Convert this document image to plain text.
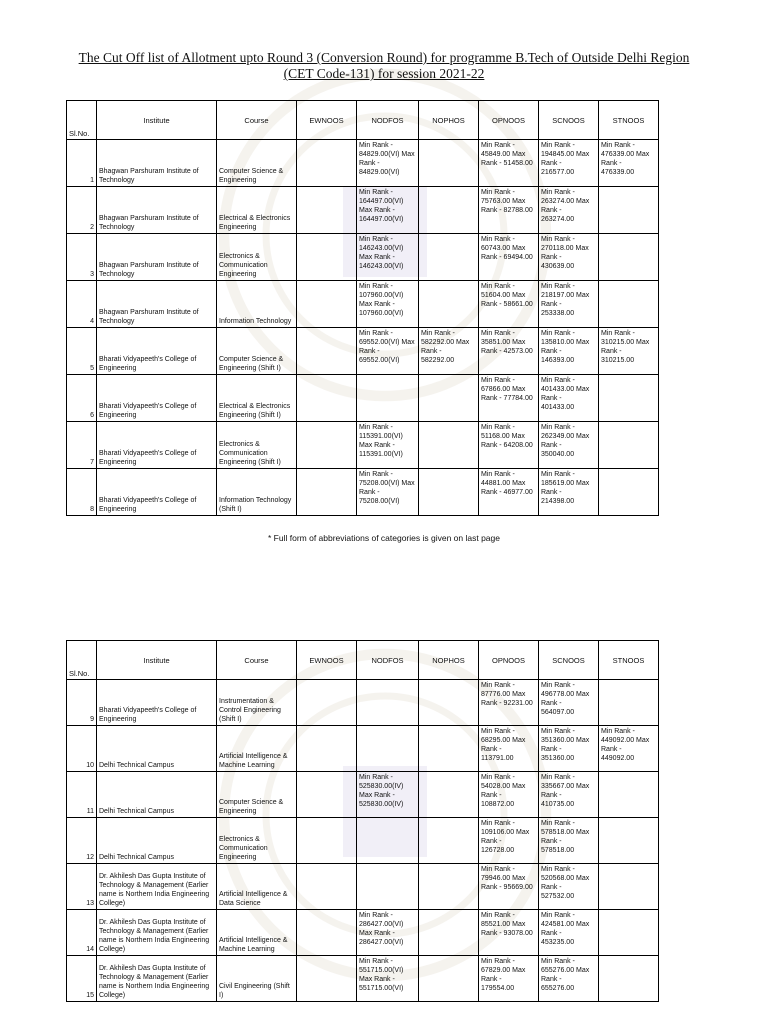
The Cut Off list of Allotment upto Round 3 (Conversion Round) for programme B.Tech of Outside Delhi Region
(CET Code-131) for session 2021-22
Sl.No.	Institute	Course	EWNOOS	NODFOS	NOPHOS	OPNOOS	SCNOOS	STNOOS
1	Bhagwan Parshuram Institute of Technology	Computer Science & Engineering		Min Rank - 84829.00(VI) Max Rank - 84829.00(VI)		Min Rank - 45849.00 Max Rank - 51458.00	Min Rank - 194845.00 Max Rank - 216577.00	Min Rank - 476339.00 Max Rank - 476339.00
2	Bhagwan Parshuram Institute of Technology	Electrical & Electronics Engineering		Min Rank - 164497.00(VI) Max Rank - 164497.00(VI)		Min Rank - 75763.00 Max Rank - 82788.00	Min Rank - 263274.00 Max Rank - 263274.00	
3	Bhagwan Parshuram Institute of Technology	Electronics & Communication Engineering		Min Rank - 146243.00(VI) Max Rank - 146243.00(VI)		Min Rank - 60743.00 Max Rank - 69494.00	Min Rank - 270118.00 Max Rank - 430639.00	
4	Bhagwan Parshuram Institute of Technology	Information Technology		Min Rank - 107960.00(VI) Max Rank - 107960.00(VI)		Min Rank - 51604.00 Max Rank - 58661.00	Min Rank - 218197.00 Max Rank - 253338.00	
5	Bharati Vidyapeeth's College of Engineering	Computer Science & Engineering (Shift I)		Min Rank - 69552.00(VI) Max Rank - 69552.00(VI)	Min Rank - 582292.00 Max Rank - 582292.00	Min Rank - 35851.00 Max Rank - 42573.00	Min Rank - 135810.00 Max Rank - 146393.00	Min Rank - 310215.00 Max Rank - 310215.00
6	Bharati Vidyapeeth's College of Engineering	Electrical & Electronics Engineering (Shift I)				Min Rank - 67866.00 Max Rank - 77784.00	Min Rank - 401433.00 Max Rank - 401433.00	
7	Bharati Vidyapeeth's College of Engineering	Electronics & Communication Engineering (Shift I)		Min Rank - 115391.00(VI) Max Rank - 115391.00(VI)		Min Rank - 51168.00 Max Rank - 64208.00	Min Rank - 262349.00 Max Rank - 350040.00	
8	Bharati Vidyapeeth's College of Engineering	Information Technology (Shift I)		Min Rank - 75208.00(VI) Max Rank - 75208.00(VI)		Min Rank - 44881.00 Max Rank - 46977.00	Min Rank - 185619.00 Max Rank - 214398.00	
* Full form of abbreviations of categories is given on last page
Sl.No.	Institute	Course	EWNOOS	NODFOS	NOPHOS	OPNOOS	SCNOOS	STNOOS
9	Bharati Vidyapeeth's College of Engineering	Instrumentation & Control Engineering (Shift I)				Min Rank - 87776.00 Max Rank - 92231.00	Min Rank - 496778.00 Max Rank - 564097.00	
10	Delhi Technical Campus	Artificial Intelligence & Machine Learning				Min Rank - 68295.00 Max Rank - 113791.00	Min Rank - 351360.00 Max Rank - 351360.00	Min Rank - 449092.00 Max Rank - 449092.00
11	Delhi Technical Campus	Computer Science & Engineering		Min Rank - 525830.00(IV) Max Rank - 525830.00(IV)		Min Rank - 54028.00 Max Rank - 108872.00	Min Rank - 335667.00 Max Rank - 410735.00	
12	Delhi Technical Campus	Electronics & Communication Engineering				Min Rank - 109106.00 Max Rank - 126728.00	Min Rank - 578518.00 Max Rank - 578518.00	
13	Dr. Akhilesh Das Gupta Institute of Technology & Management (Earlier name is Northern India Engineering College)	Artificial Intelligence & Data Science				Min Rank - 79946.00 Max Rank - 95669.00	Min Rank - 520568.00 Max Rank - 527532.00	
14	Dr. Akhilesh Das Gupta Institute of Technology & Management (Earlier name is Northern India Engineering College)	Artificial Intelligence & Machine Learning		Min Rank - 286427.00(VI) Max Rank - 286427.00(VI)		Min Rank - 85521.00 Max Rank - 93078.00	Min Rank - 424581.00 Max Rank - 453235.00	
15	Dr. Akhilesh Das Gupta Institute of Technology & Management (Earlier name is Northern India Engineering College)	Civil Engineering (Shift I)		Min Rank - 551715.00(VI) Max Rank - 551715.00(VI)		Min Rank - 67829.00 Max Rank - 179554.00	Min Rank - 655276.00 Max Rank - 655276.00	
